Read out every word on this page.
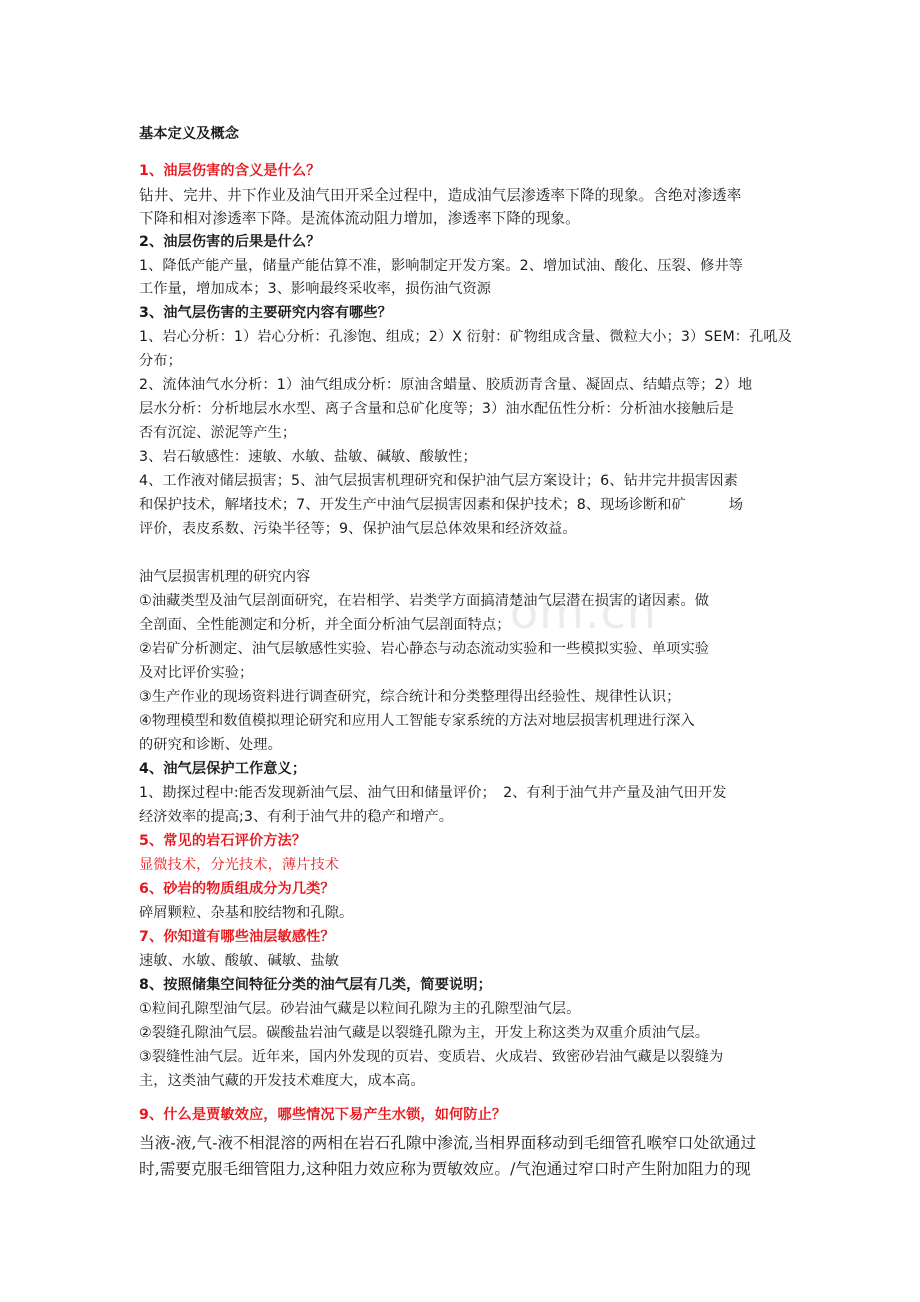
om.cn
基本定义及概念
1、油层伤害的含义是什么？
钻井、完井、井下作业及油气田开采全过程中，造成油气层渗透率下降的现象。含绝对渗透率
下降和相对渗透率下降。是流体流动阻力增加，渗透率下降的现象。
2、油层伤害的后果是什么？
1、降低产能产量，储量产能估算不准，影响制定开发方案。2、增加试油、酸化、压裂、修井等
工作量，增加成本；3、影响最终采收率，损伤油气资源
3、油气层伤害的主要研究内容有哪些？
1、岩心分析：1）岩心分析：孔渗饱、组成；2）X 衍射：矿物组成含量、微粒大小；3）SEM：孔吼及
分布；
2、流体油气水分析：1）油气组成分析：原油含蜡量、胶质沥青含量、凝固点、结蜡点等；2）地
层水分析：分析地层水水型、离子含量和总矿化度等；3）油水配伍性分析：分析油水接触后是
否有沉淀、淤泥等产生；
3、岩石敏感性：速敏、水敏、盐敏、碱敏、酸敏性；
4、工作液对储层损害；5、油气层损害机理研究和保护油气层方案设计；6、钻井完井损害因素
和保护技术，解堵技术；7、开发生产中油气层损害因素和保护技术；8、现场诊断和矿　　　场
评价，表皮系数、污染半径等；9、保护油气层总体效果和经济效益。
油气层损害机理的研究内容
①油藏类型及油气层剖面研究，在岩相学、岩类学方面搞清楚油气层潜在损害的诸因素。做
全剖面、全性能测定和分析，并全面分析油气层剖面特点；
②岩矿分析测定、油气层敏感性实验、岩心静态与动态流动实验和一些模拟实验、单项实验
及对比评价实验；
③生产作业的现场资料进行调查研究，综合统计和分类整理得出经验性、规律性认识；
④物理模型和数值模拟理论研究和应用人工智能专家系统的方法对地层损害机理进行深入
的研究和诊断、处理。
4、油气层保护工作意义；
1、勘探过程中:能否发现新油气层、油气田和储量评价；　2、有利于油气井产量及油气田开发
经济效率的提高;3、有利于油气井的稳产和增产。
5、常见的岩石评价方法？
显微技术，分光技术，薄片技术
6、砂岩的物质组成分为几类？
碎屑颗粒、杂基和胶结物和孔隙。
7、你知道有哪些油层敏感性？
速敏、水敏、酸敏、碱敏、盐敏
8、按照储集空间特征分类的油气层有几类，简要说明；
①粒间孔隙型油气层。砂岩油气藏是以粒间孔隙为主的孔隙型油气层。
②裂缝孔隙油气层。碳酸盐岩油气藏是以裂缝孔隙为主，开发上称这类为双重介质油气层。
③裂缝性油气层。近年来，国内外发现的页岩、变质岩、火成岩、致密砂岩油气藏是以裂缝为
主，这类油气藏的开发技术难度大，成本高。
9、什么是贾敏效应，哪些情况下易产生水锁，如何防止？
当液-液,气-液不相混溶的两相在岩石孔隙中渗流,当相界面移动到毛细管孔喉窄口处欲通过
时,需要克服毛细管阻力,这种阻力效应称为贾敏效应。/气泡通过窄口时产生附加阻力的现
